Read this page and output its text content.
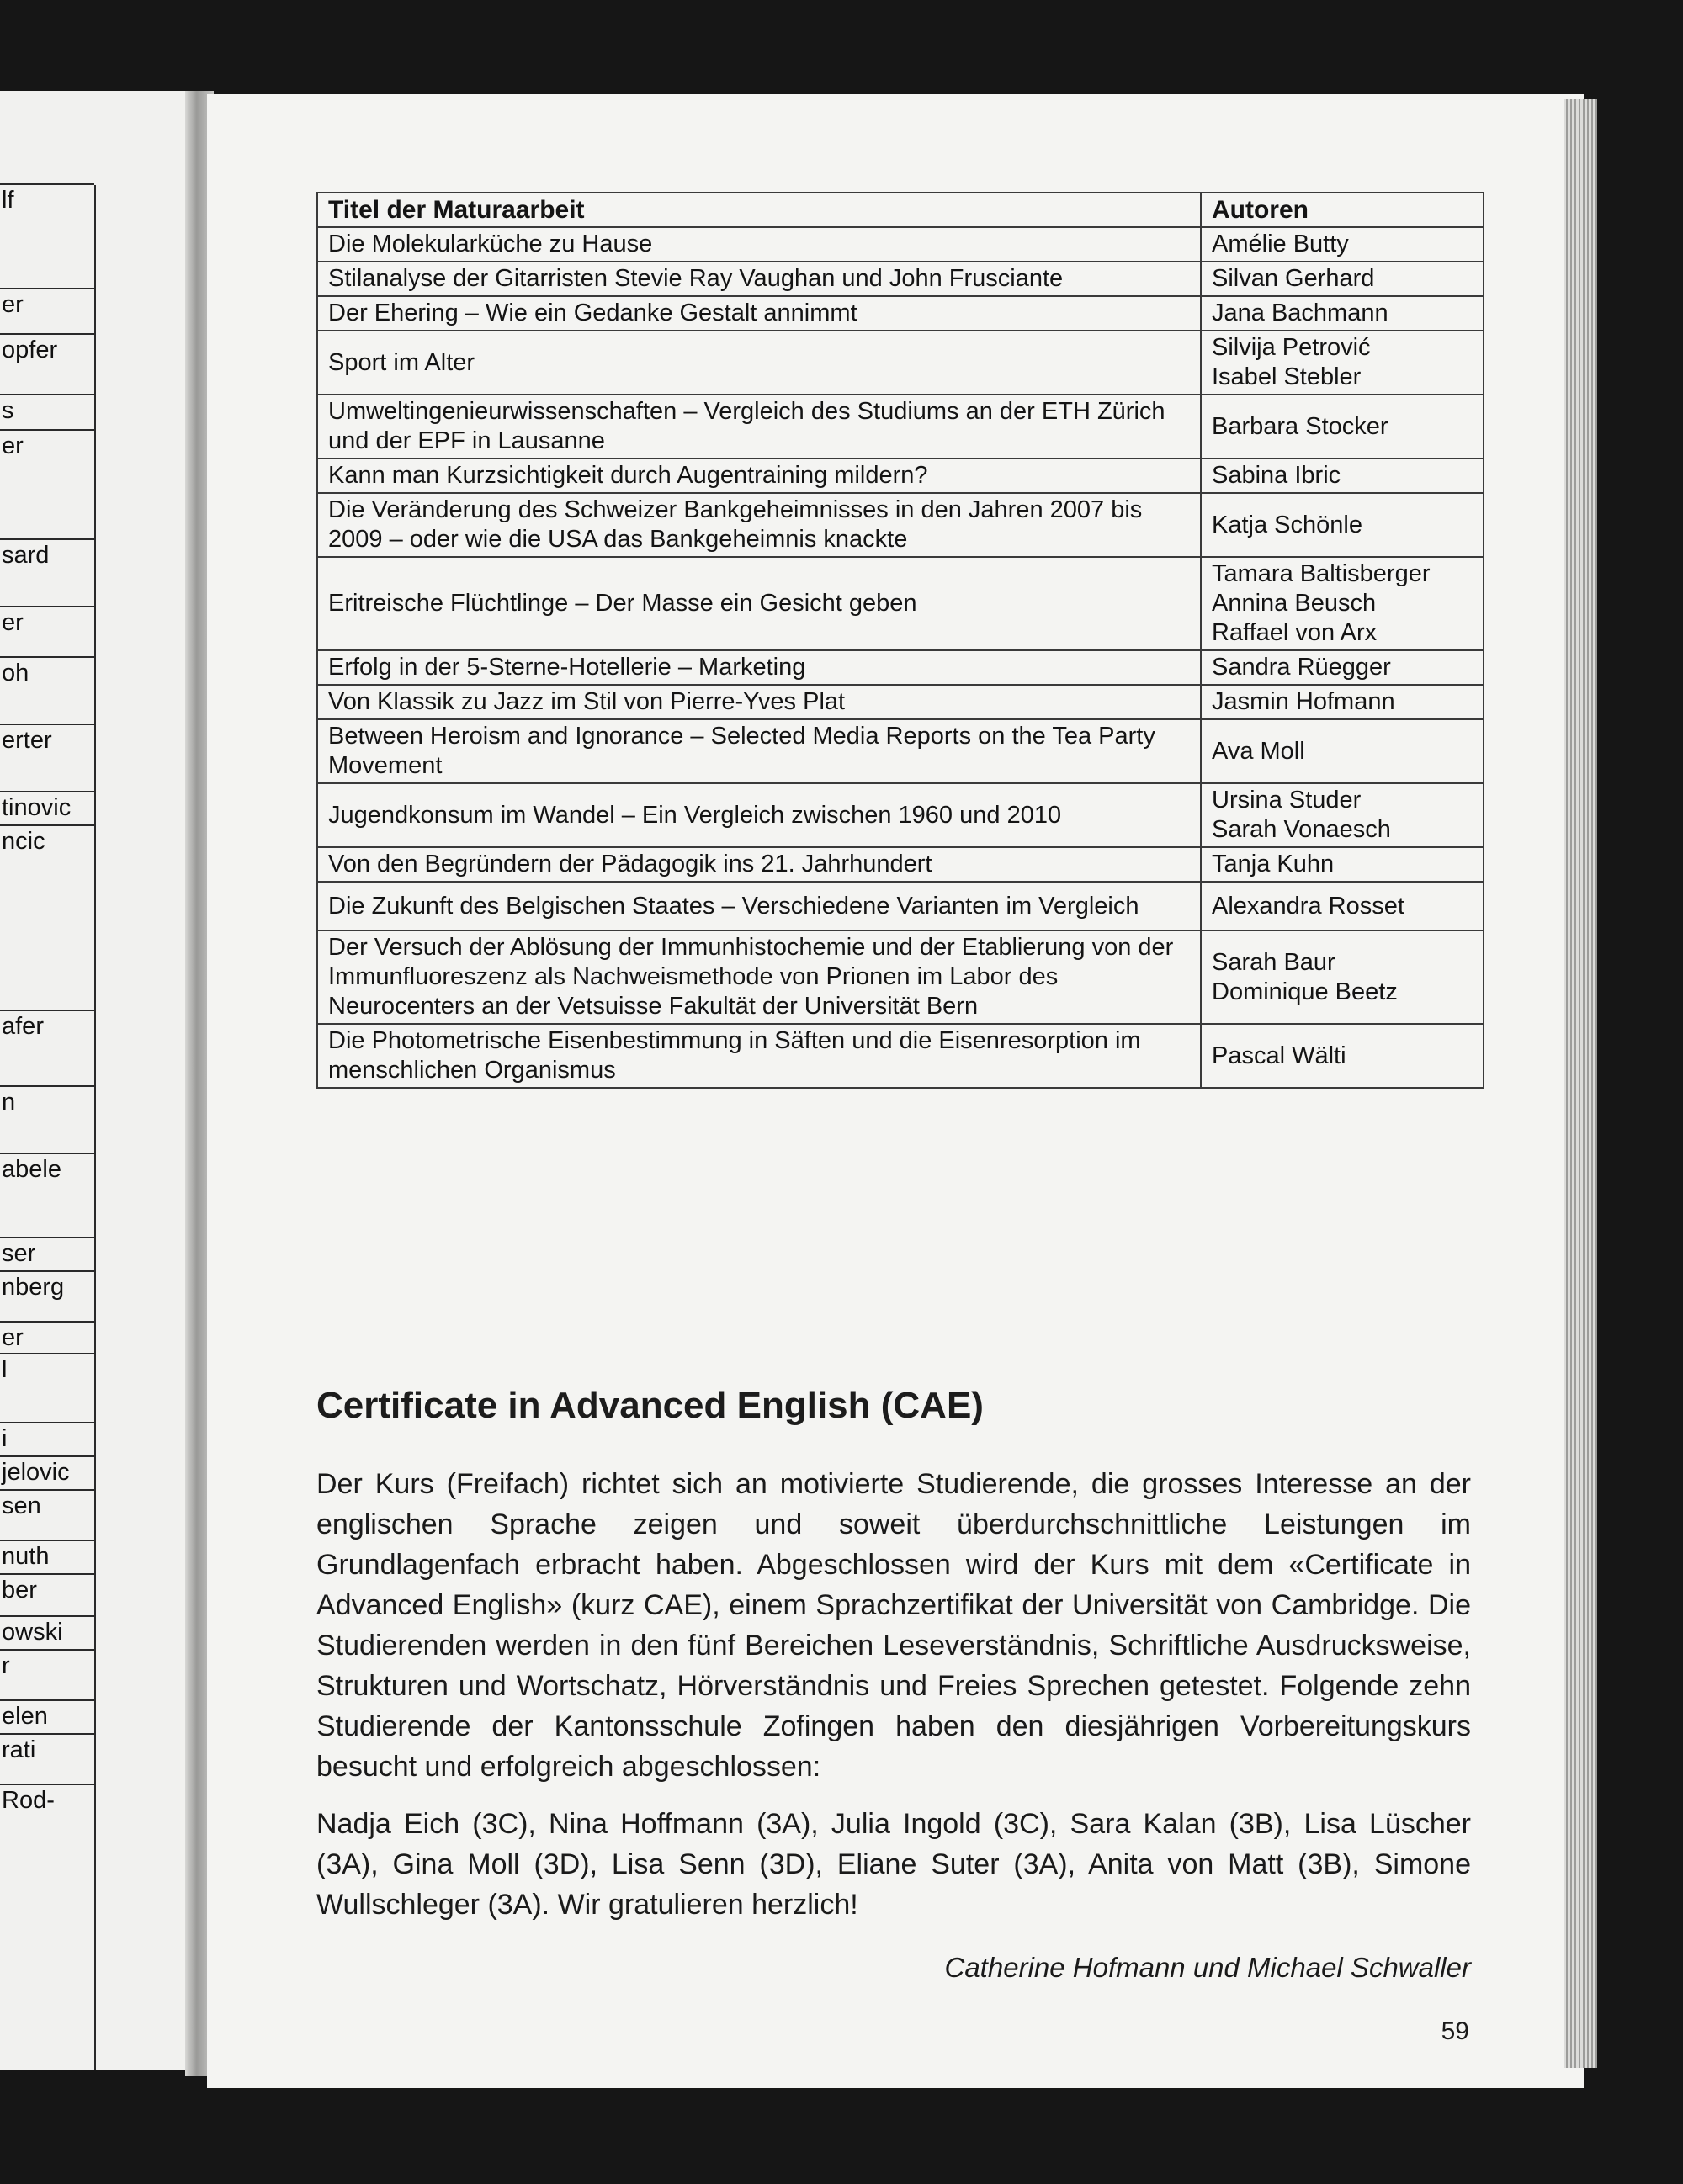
lf
er
opfer
s
er
sard
er
oh
erter
tinovic
ncic
afer
n
abele
ser
nberg
er
l
i
jelovic
sen
nuth
ber
owski
r
elen
rati
Rod-
Titel der Maturaarbeit	Autoren
Die Molekularküche zu Hause	Amélie Butty
Stilanalyse der Gitarristen Stevie Ray Vaughan und John Frusciante	Silvan Gerhard
Der Ehering – Wie ein Gedanke Gestalt annimmt	Jana Bachmann
Sport im Alter	Silvija Petrović
Isabel Stebler
Umweltingenieurwissenschaften – Vergleich des Studiums an der ETH Zürich und der EPF in Lausanne	Barbara Stocker
Kann man Kurzsichtigkeit durch Augentraining mildern?	Sabina Ibric
Die Veränderung des Schweizer Bankgeheimnisses in den Jahren 2007 bis 2009 – oder wie die USA das Bankgeheimnis knackte	Katja Schönle
Eritreische Flüchtlinge – Der Masse ein Gesicht geben	Tamara Baltisberger
Annina Beusch
Raffael von Arx
Erfolg in der 5-Sterne-Hotellerie – Marketing	Sandra Rüegger
Von Klassik zu Jazz im Stil von Pierre-Yves Plat	Jasmin Hofmann
Between Heroism and Ignorance – Selected Media Reports on the Tea Party Movement	Ava Moll
Jugendkonsum im Wandel – Ein Vergleich zwischen 1960 und 2010	Ursina Studer
Sarah Vonaesch
Von den Begründern der Pädagogik ins 21. Jahrhundert	Tanja Kuhn
Die Zukunft des Belgischen Staates – Verschiedene Varianten im Vergleich	Alexandra Rosset
Der Versuch der Ablösung der Immunhistochemie und der Etablierung von der Immunfluoreszenz als Nachweismethode von Prionen im Labor des Neurocenters an der Vetsuisse Fakultät der Universität Bern	Sarah Baur
Dominique Beetz
Die Photometrische Eisenbestimmung in Säften und die Eisenresorption im menschlichen Organismus	Pascal Wälti
Certificate in Advanced English (CAE)

Der Kurs (Freifach) richtet sich an motivierte Studierende, die grosses Interesse an der englischen Sprache zeigen und soweit überdurchschnittliche Leistungen im Grundlagenfach erbracht haben. Abgeschlossen wird der Kurs mit dem «Certificate in Advanced English» (kurz CAE), einem Sprachzertifikat der Universität von Cambridge. Die Studierenden werden in den fünf Bereichen Leseverständnis, Schriftliche Ausdrucksweise, Strukturen und Wortschatz, Hörverständnis und Freies Sprechen getestet. Folgende zehn Studierende der Kantonsschule Zofingen haben den diesjährigen Vorbereitungskurs besucht und erfolgreich abgeschlossen:

Nadja Eich (3C), Nina Hoffmann (3A), Julia Ingold (3C), Sara Kalan (3B), Lisa Lüscher (3A), Gina Moll (3D), Lisa Senn (3D), Eliane Suter (3A), Anita von Matt (3B), Simone Wullschleger (3A). Wir gratulieren herzlich!

Catherine Hofmann und Michael Schwaller
59
